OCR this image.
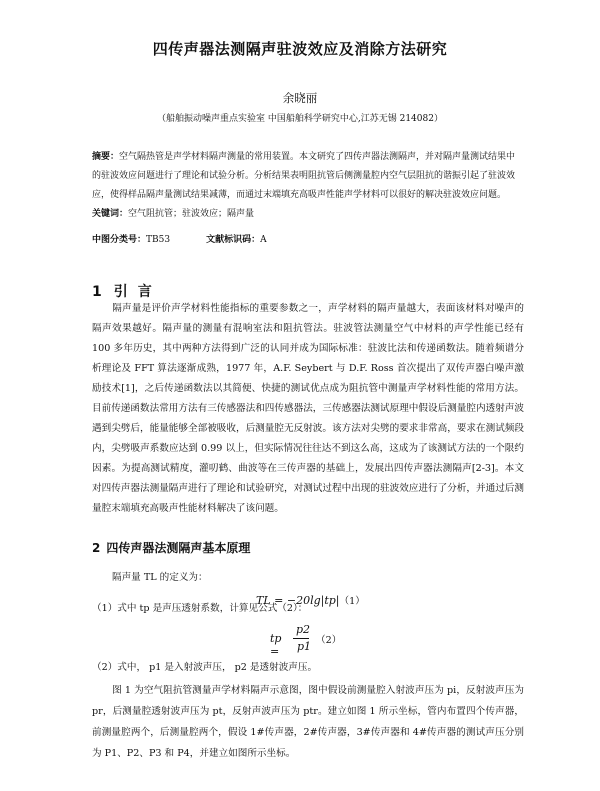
四传声器法测隔声驻波效应及消除方法研究
余晓丽
（船舶振动噪声重点实验室 中国船舶科学研究中心,江苏无锡 214082）
摘要：空气隔热管是声学材料隔声测量的常用装置。本文研究了四传声器法测隔声，并对隔声量测试结果中的驻波效应问题进行了理论和试验分析。分析结果表明阻抗管后侧测量腔内空气层阻抗的谐振引起了驻波效应，使得样品隔声量测试结果减薄，而通过末端填充高吸声性能声学材料可以很好的解决驻波效应问题。
关键词：空气阻抗管；驻波效应；隔声量
中图分类号：TB53	文献标识码：A
1 引言
隔声量是评价声学材料性能指标的重要参数之一，声学材料的隔声量越大，表面该材料对噪声的隔声效果越好。隔声量的测量有混响室法和阻抗管法。驻波管法测量空气中材料的声学性能已经有 100 多年历史，其中两种方法得到广泛的认同并成为国际标准：驻波比法和传递函数法。随着频谱分析理论及 FFT 算法逐渐成熟，1977 年，A.F. Seybert 与 D.F. Ross 首次提出了双传声器白噪声激励技术[1]，之后传递函数法以其简便、快捷的测试优点成为阻抗管中测量声学材料性能的常用方法。目前传递函数法常用方法有三传感器法和四传感器法，三传感器法测试原理中假设后测量腔内透射声波遇到尖劈后，能量能够全部被吸收，后测量腔无反射波。该方法对尖劈的要求非常高，要求在测试频段内，尖劈吸声系数应达到 0.99 以上，但实际情况往往达不到这么高，这成为了该测试方法的一个限约因素。为提高测试精度，灌叨鹤、曲波等在三传声器的基础上，发展出四传声器法测隔声[2-3]。本文对四传声器法测量隔声进行了理论和试验研究，对测试过程中出现的驻波效应进行了分析，并通过后测量腔末端填充高吸声性能材料解决了该问题。
2 四传声器法测隔声基本原理
隔声量 TL 的定义为：
TL = −20lg|tp|（1）
（1）式中 tp 是声压透射系数，计算见公式（2）：
tp =
p2
p1 （2）
（2）式中， p1 是入射波声压， p2 是透射波声压。
图 1 为空气阻抗管测量声学材料隔声示意图，图中假设前测量腔入射波声压为 pi，反射波声压为 pr，后测量腔透射波声压为 pt，反射声波声压为 ptr。建立如图 1 所示坐标，管内布置四个传声器，前测量腔两个，后测量腔两个，假设 1#传声器，2#传声器，3#传声器和 4#传声器的测试声压分别为 P1、P2、P3 和 P4，并建立如图所示坐标。
